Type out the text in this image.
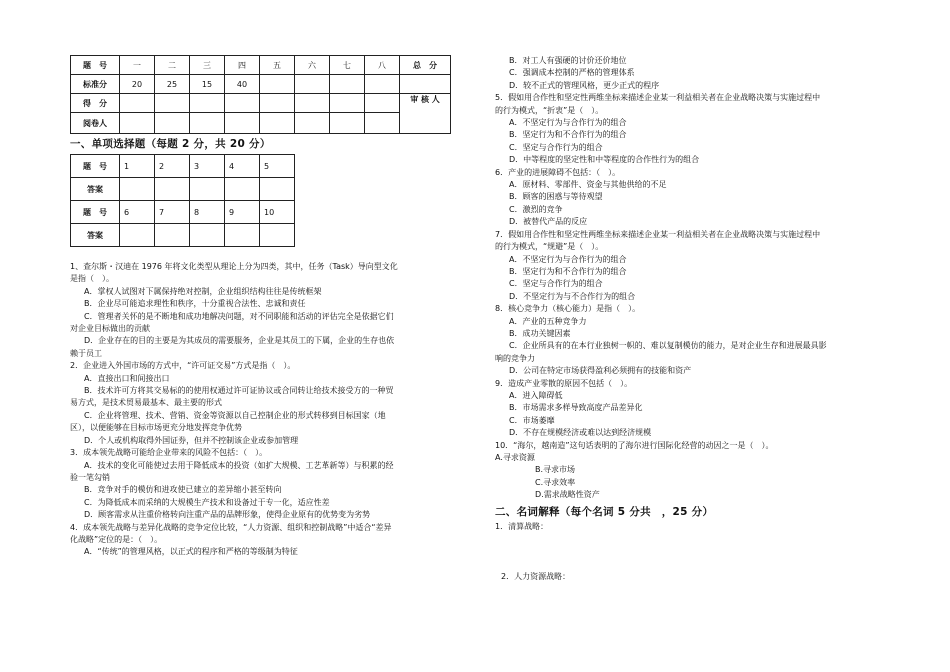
题　号	一	二	三	四	五	六	七	八	总　分
标准分	20	25	15	40					
得　分									审 核 人
阅卷人									
一、单项选择题（每题 2 分，共 20 分）
题　号	1	2	3	4	5
答案					
题　号	6	7	8	9	10
答案					

1、查尔斯・汉迪在 1976 年将文化类型从理论上分为四类，其中，任务（Task）导向型文化

是指（　）。

A．掌权人试图对下属保持绝对控制，企业组织结构往往是传统框架

B．企业尽可能追求理性和秩序，十分重视合法性、忠诚和责任

C．管理者关怀的是不断地和成功地解决问题，对不同职能和活动的评估完全是依据它们

对企业目标做出的贡献

D．企业存在的目的主要是为其成员的需要服务，企业是其员工的下属，企业的生存也依

赖于员工

2．企业进入外国市场的方式中，“许可证交易”方式是指（　）。

A．直接出口和间接出口

B．技术许可方将其交易标的的使用权通过许可证协议或合同转让给技术接受方的一种贸

易方式，是技术贸易最基本、最主要的形式

C．企业将管理、技术、营销、资金等资源以自己控制企业的形式转移到目标国家（地

区），以便能够在目标市场更充分地发挥竞争优势

D．个人或机构取得外国证券，但并不控制该企业或参加管理

3．成本领先战略可能给企业带来的风险不包括：（　）。

A．技术的变化可能使过去用于降低成本的投资（如扩大规模、工艺革新等）与积累的经

验一笔勾销

B．竞争对手的模仿和进攻使已建立的差异缩小甚至转向

C．为降低成本而采纳的大规模生产技术和设备过于专一化，适应性差

D．顾客需求从注重价格转向注重产品的品牌形象，使得企业原有的优势变为劣势

4．成本领先战略与差异化战略的竞争定位比较，“人力资源、组织和控制战略”中适合“差异

化战略”定位的是：（　）。

A．“传统”的管理风格，以正式的程序和严格的等级制为特征

B．对工人有强硬的讨价还价地位

C．强调成本控制的严格的管理体系

D．较不正式的管理风格，更少正式的程序

5．假如用合作性和坚定性两维坐标来描述企业某一利益相关者在企业战略决策与实施过程中

的行为模式，“折衷”是（　）。

A．不坚定行为与合作行为的组合

B．坚定行为和不合作行为的组合

C．坚定与合作行为的组合

D．中等程度的坚定性和中等程度的合作性行为的组合

6．产业的进展障碍不包括：（　）。

A．原材料、零部件、资金与其他供给的不足

B．顾客的困惑与等待观望

C．激烈的竞争

D．被替代产品的反应

7．假如用合作性和坚定性两维坐标来描述企业某一利益相关者在企业战略决策与实施过程中

的行为模式，“规避”是（　）。

A．不坚定行为与合作行为的组合

B．坚定行为和不合作行为的组合

C．坚定与合作行为的组合

D．不坚定行为与不合作行为的组合

8．核心竞争力（核心能力）是指（　）。

A．产业的五种竞争力

B．成功关键因素

C．企业所具有的在本行业独树一帜的、难以复制模仿的能力，是对企业生存和进展最具影

响的竞争力

D．公司在特定市场获得盈利必须拥有的技能和资产

9．造成产业零散的原因不包括（　）。

A．进入障碍低

B．市场需求多样导致高度产品差异化

C．市场萎靡

D．不存在规模经济或难以达到经济规模

10．“海尔，越南造”这句话表明的了海尔进行国际化经营的动因之一是（　）。

A.寻求资源

B.寻求市场

C.寻求效率

D.需求战略性资产

二、名词解释（每个名词 5 分共　，25 分）
1．清算战略：
2．人力资源战略：
